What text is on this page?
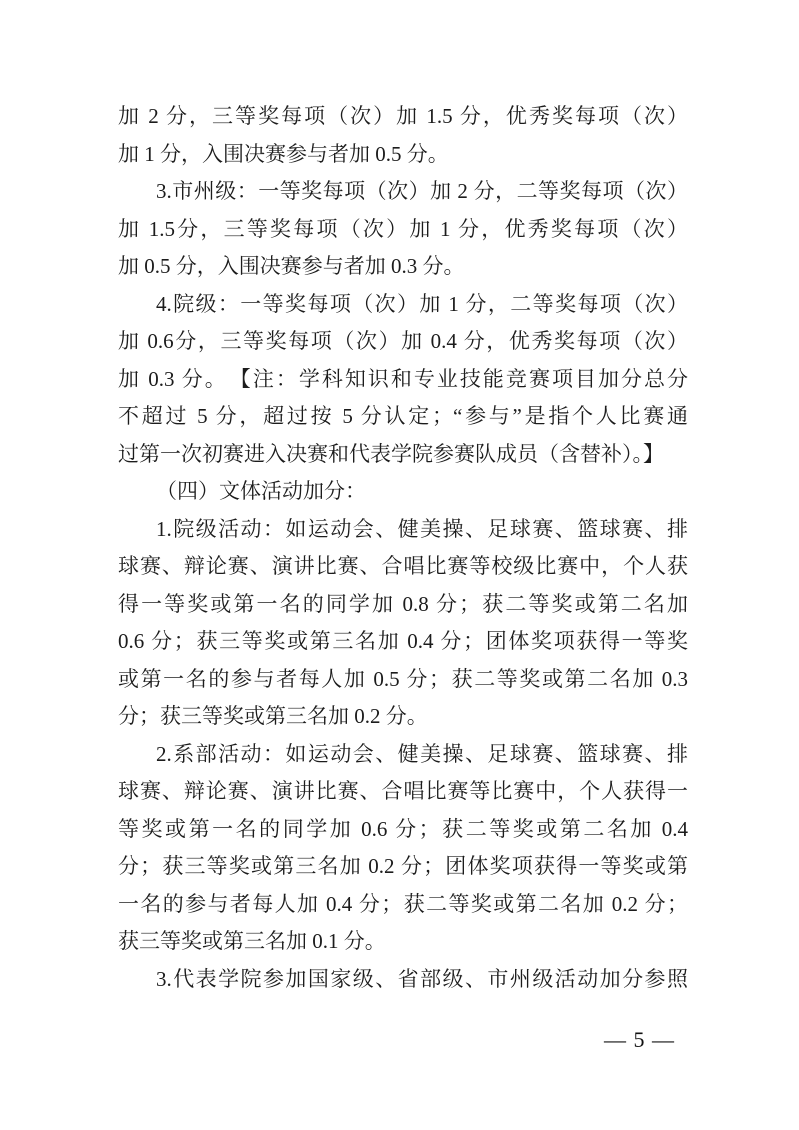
加 2 分，三等奖每项（次）加 1.5 分，优秀奖每项（次）
加 1 分，入围决赛参与者加 0.5 分。
3.市州级：一等奖每项（次）加 2 分，二等奖每项（次）
加 1.5分，三等奖每项（次）加 1 分，优秀奖每项（次）
加 0.5 分，入围决赛参与者加 0.3 分。
4.院级：一等奖每项（次）加 1 分，二等奖每项（次）
加 0.6分，三等奖每项（次）加 0.4 分，优秀奖每项（次）
加 0.3 分。　【注：学科知识和专业技能竞赛项目加分总分
不超过 5 分，超过按 5 分认定；“参与”是指个人比赛通
过第一次初赛进入决赛和代表学院参赛队成员（含替补）。】
（四）文体活动加分：
1.院级活动：如运动会、健美操、足球赛、篮球赛、排
球赛、辩论赛、演讲比赛、合唱比赛等校级比赛中，个人获
得一等奖或第一名的同学加 0.8 分；获二等奖或第二名加
0.6 分；获三等奖或第三名加 0.4 分；团体奖项获得一等奖
或第一名的参与者每人加 0.5 分；获二等奖或第二名加 0.3
分；获三等奖或第三名加 0.2 分。
2.系部活动：如运动会、健美操、足球赛、篮球赛、排
球赛、辩论赛、演讲比赛、合唱比赛等比赛中，个人获得一
等奖或第一名的同学加 0.6 分；获二等奖或第二名加 0.4
分；获三等奖或第三名加 0.2 分；团体奖项获得一等奖或第
一名的参与者每人加 0.4 分；获二等奖或第二名加 0.2 分；
获三等奖或第三名加 0.1 分。
3.代表学院参加国家级、省部级、市州级活动加分参照
— 5 —
